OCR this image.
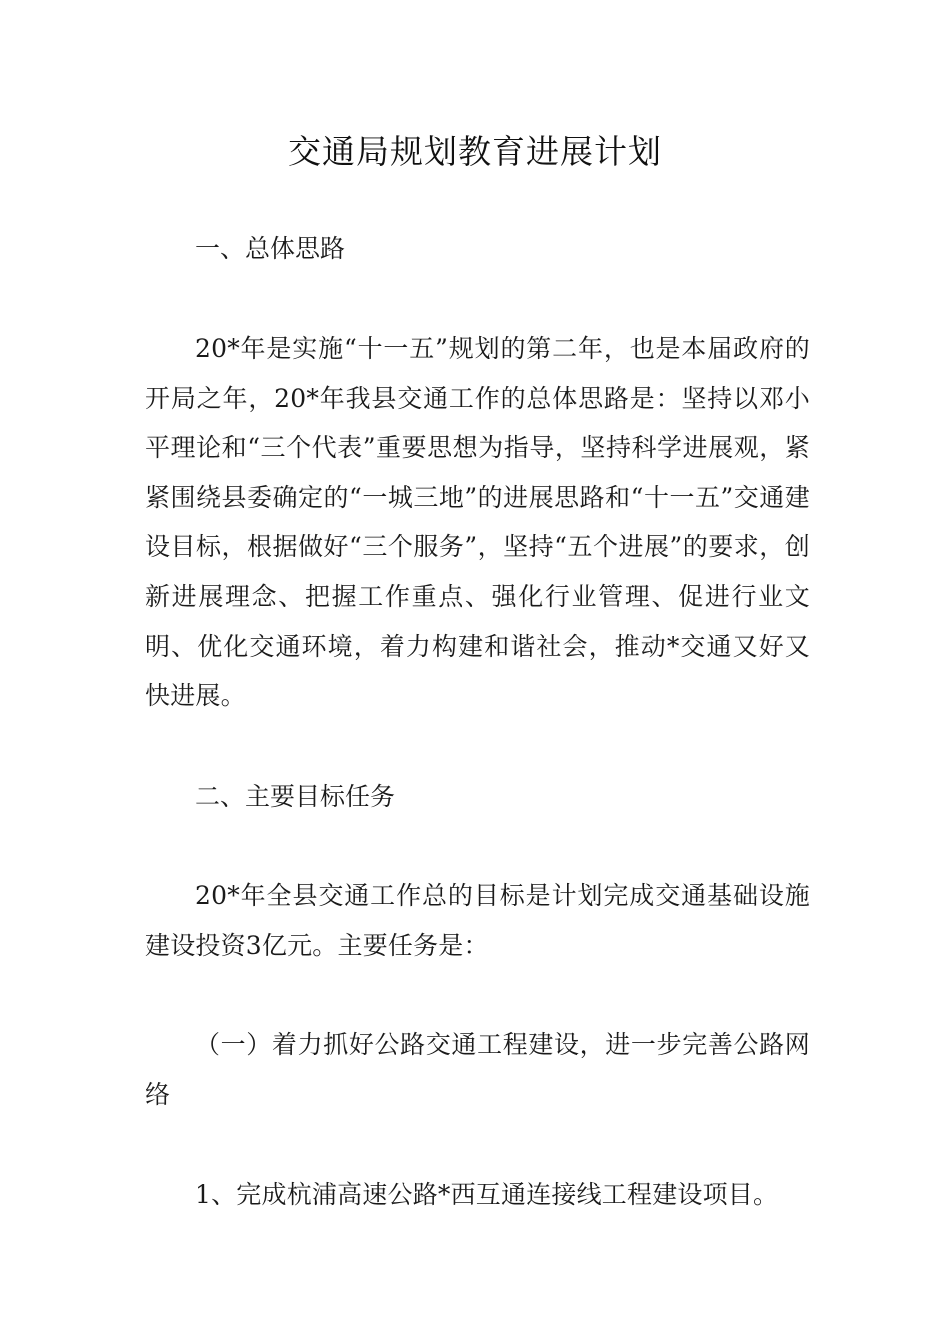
交通局规划教育进展计划

一、总体思路

20*年是实施“十一五”规划的第二年，也是本届政府的开局之年，20*年我县交通工作的总体思路是：坚持以邓小平理论和“三个代表”重要思想为指导，坚持科学进展观，紧紧围绕县委确定的“一城三地”的进展思路和“十一五”交通建设目标，根据做好“三个服务”，坚持“五个进展”的要求，创新进展理念、把握工作重点、强化行业管理、促进行业文明、优化交通环境，着力构建和谐社会，推动*交通又好又快进展。

二、主要目标任务

20*年全县交通工作总的目标是计划完成交通基础设施建设投资3亿元。主要任务是：

（一）着力抓好公路交通工程建设，进一步完善公路网络

1、完成杭浦高速公路*西互通连接线工程建设项目。
